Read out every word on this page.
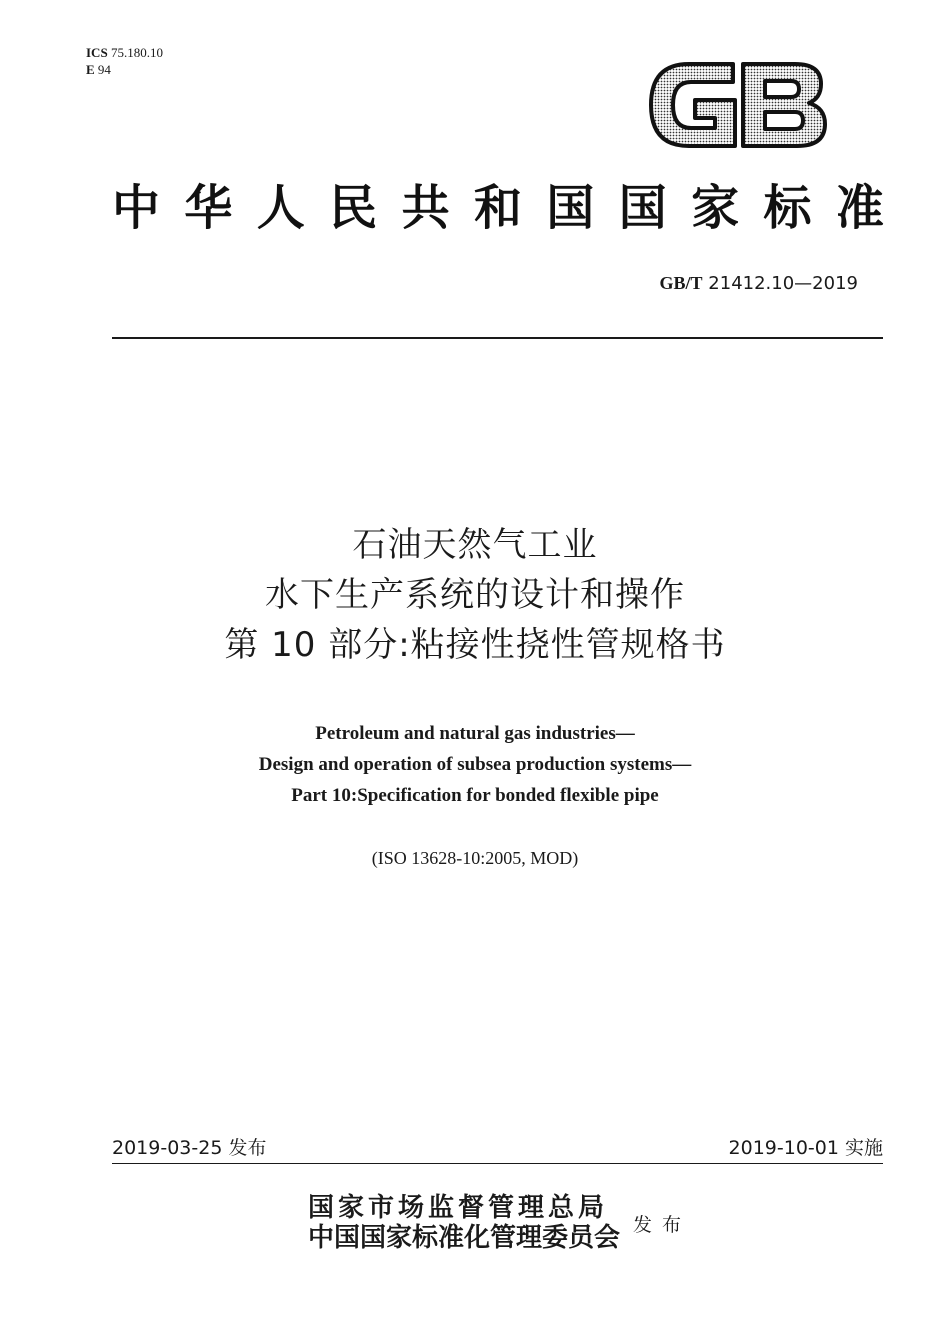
ICS 75.180.10
E 94
中 华 人 民 共 和 国 国 家 标 准
GB/T 21412.10—2019
石油天然气工业
水下生产系统的设计和操作
第 10 部分:粘接性挠性管规格书
Petroleum and natural gas industries—
Design and operation of subsea production systems—
Part 10:Specification for bonded flexible pipe
(ISO 13628-10:2005, MOD)
2019-03-25 发布	2019-10-01 实施
国家市场监督管理总局
中国国家标准化管理委员会 发布
